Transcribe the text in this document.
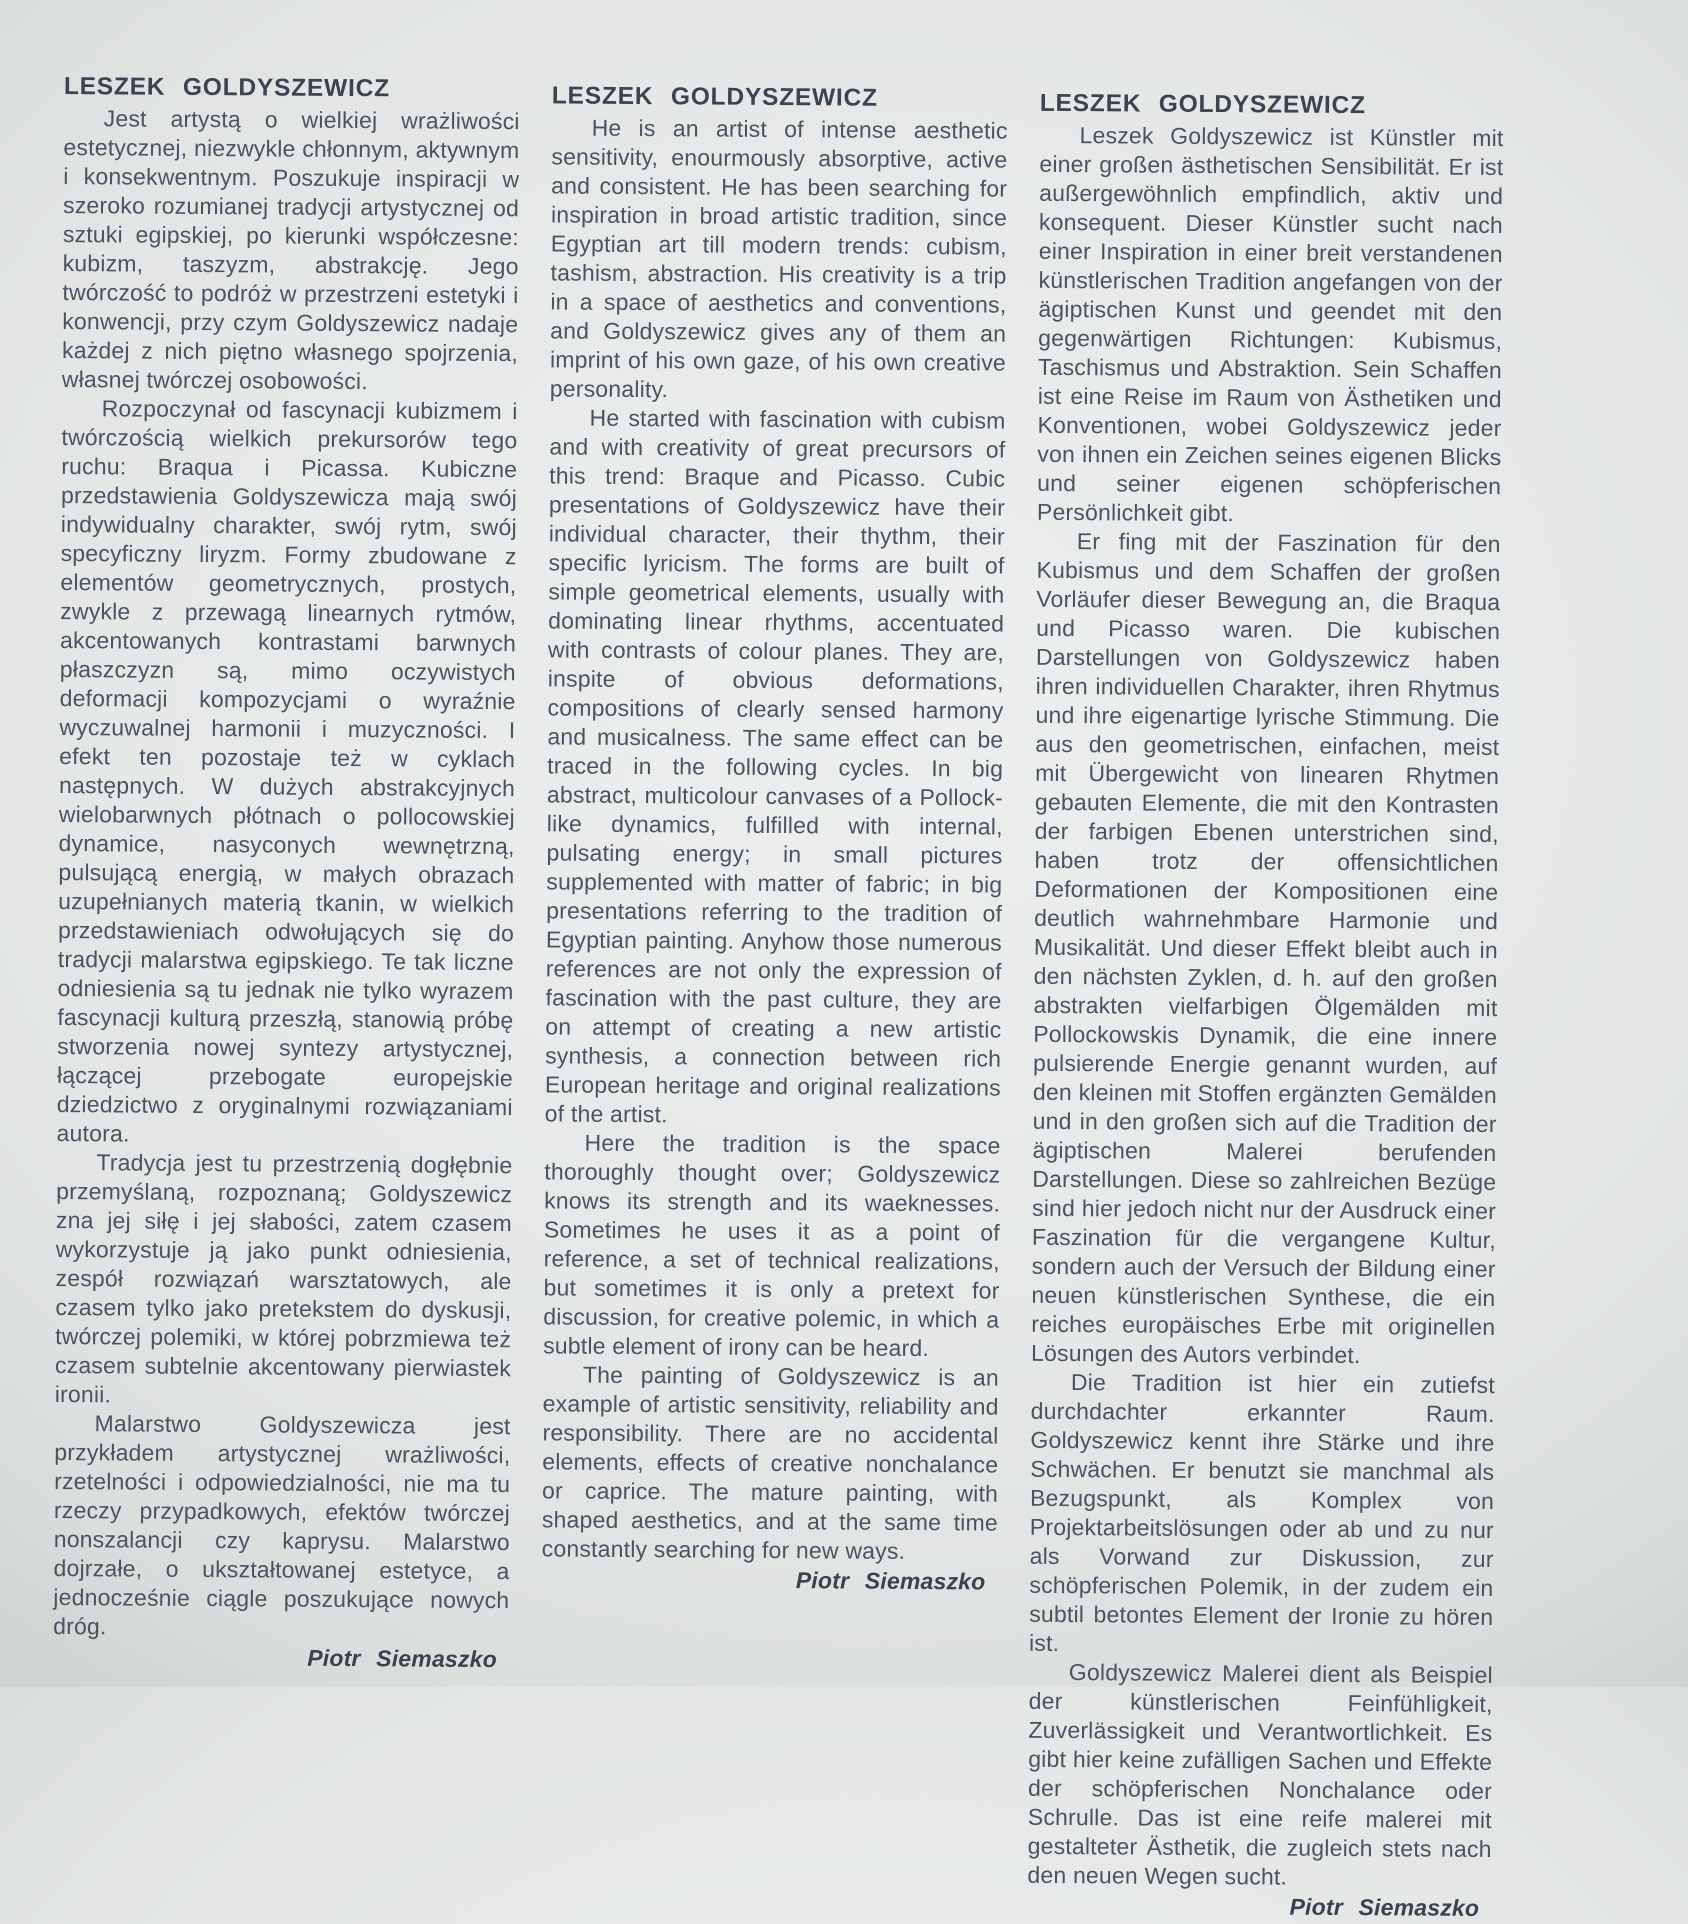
LESZEK GOLDYSZEWICZ

Jest artystą o wielkiej wrażliwości estetycznej, niezwykle chłonnym, aktywnym i konsekwentnym. Poszukuje inspiracji w szeroko rozumianej tradycji artystycznej od sztuki egipskiej, po kierunki współczesne: kubizm, taszyzm, abstrakcję. Jego twórczość to podróż w przestrzeni estetyki i konwencji, przy czym Goldyszewicz nadaje każdej z nich piętno własnego spojrzenia, własnej twórczej osobowości.

Rozpoczynał od fascynacji kubizmem i twórczością wielkich prekursorów tego ruchu: Braqua i Picassa. Kubiczne przedstawienia Goldyszewicza mają swój indywidualny charakter, swój rytm, swój specyficzny liryzm. Formy zbudowane z elementów geometrycznych, prostych, zwykle z przewagą linearnych rytmów, akcentowanych kontrastami barwnych płaszczyzn są, mimo oczywistych deformacji kompozycjami o wyraźnie wyczuwalnej harmonii i muzyczności. I efekt ten pozostaje też w cyklach następnych. W dużych abstrakcyjnych wielobarwnych płótnach o pollocowskiej dynamice, nasyconych wewnętrzną, pulsującą energią, w małych obrazach uzupełnianych materią tkanin, w wielkich przedstawieniach odwołujących się do tradycji malarstwa egipskiego. Te tak liczne odniesienia są tu jednak nie tylko wyrazem fascynacji kulturą przeszłą, stanowią próbę stworzenia nowej syntezy artystycznej, łączącej przebogate europejskie dziedzictwo z oryginalnymi rozwiązaniami autora.

Tradycja jest tu przestrzenią dogłębnie przemyślaną, rozpoznaną; Goldyszewicz zna jej siłę i jej słabości, zatem czasem wykorzystuje ją jako punkt odniesienia, zespół rozwiązań warsztatowych, ale czasem tylko jako pretekstem do dyskusji, twórczej polemiki, w której pobrzmiewa też czasem subtelnie akcentowany pierwiastek ironii.

Malarstwo Goldyszewicza jest przykładem artystycznej wrażliwości, rzetelności i odpowiedzialności, nie ma tu rzeczy przypadkowych, efektów twórczej nonszalancji czy kaprysu. Malarstwo dojrzałe, o ukształtowanej estetyce, a jednocześnie ciągle poszukujące nowych dróg.

Piotr Siemaszko
LESZEK GOLDYSZEWICZ

He is an artist of intense aesthetic sensitivity, enourmously absorptive, active and consistent. He has been searching for inspiration in broad artistic tradition, since Egyptian art till modern trends: cubism, tashism, abstraction. His creativity is a trip in a space of aesthetics and conventions, and Goldyszewicz gives any of them an imprint of his own gaze, of his own creative personality.

He started with fascination with cubism and with creativity of great precursors of this trend: Braque and Picasso. Cubic presentations of Goldyszewicz have their individual character, their thythm, their specific lyricism. The forms are built of simple geometrical elements, usually with dominating linear rhythms, accentuated with contrasts of colour planes. They are, inspite of obvious deformations, compositions of clearly sensed harmony and musicalness. The same effect can be traced in the following cycles. In big abstract, multicolour canvases of a Pollock-like dynamics, fulfilled with internal, pulsating energy; in small pictures supplemented with matter of fabric; in big presentations referring to the tradition of Egyptian painting. Anyhow those numerous references are not only the expression of fascination with the past culture, they are on attempt of creating a new artistic synthesis, a connection between rich European heritage and original realizations of the artist.

Here the tradition is the space thoroughly thought over; Goldyszewicz knows its strength and its waeknesses. Sometimes he uses it as a point of reference, a set of technical realizations, but sometimes it is only a pretext for discussion, for creative polemic, in which a subtle element of irony can be heard.

The painting of Goldyszewicz is an example of artistic sensitivity, reliability and responsibility. There are no accidental elements, effects of creative nonchalance or caprice. The mature painting, with shaped aesthetics, and at the same time constantly searching for new ways.

Piotr Siemaszko
LESZEK GOLDYSZEWICZ

Leszek Goldyszewicz ist Künstler mit einer großen ästhetischen Sensibilität. Er ist außergewöhnlich empfindlich, aktiv und konsequent. Dieser Künstler sucht nach einer Inspiration in einer breit verstandenen künstlerischen Tradition angefangen von der ägiptischen Kunst und geendet mit den gegenwärtigen Richtungen: Kubismus, Taschismus und Abstraktion. Sein Schaffen ist eine Reise im Raum von Ästhetiken und Konventionen, wobei Goldyszewicz jeder von ihnen ein Zeichen seines eigenen Blicks und seiner eigenen schöpferischen Persönlichkeit gibt.

Er fing mit der Faszination für den Kubismus und dem Schaffen der großen Vorläufer dieser Bewegung an, die Braqua und Picasso waren. Die kubischen Darstellungen von Goldyszewicz haben ihren individuellen Charakter, ihren Rhytmus und ihre eigenartige lyrische Stimmung. Die aus den geometrischen, einfachen, meist mit Übergewicht von linearen Rhytmen gebauten Elemente, die mit den Kontrasten der farbigen Ebenen unterstrichen sind, haben trotz der offensichtlichen Deformationen der Kompositionen eine deutlich wahrnehmbare Harmonie und Musikalität. Und dieser Effekt bleibt auch in den nächsten Zyklen, d. h. auf den großen abstrakten vielfarbigen Ölgemälden mit Pollockowskis Dynamik, die eine innere pulsierende Energie genannt wurden, auf den kleinen mit Stoffen ergänzten Gemälden und in den großen sich auf die Tradition der ägiptischen Malerei berufenden Darstellungen. Diese so zahlreichen Bezüge sind hier jedoch nicht nur der Ausdruck einer Faszination für die vergangene Kultur, sondern auch der Versuch der Bildung einer neuen künstlerischen Synthese, die ein reiches europäisches Erbe mit originellen Lösungen des Autors verbindet.

Die Tradition ist hier ein zutiefst durchdachter erkannter Raum. Goldyszewicz kennt ihre Stärke und ihre Schwächen. Er benutzt sie manchmal als Bezugspunkt, als Komplex von Projektarbeitslösungen oder ab und zu nur als Vorwand zur Diskussion, zur schöpferischen Polemik, in der zudem ein subtil betontes Element der Ironie zu hören ist.

Goldyszewicz Malerei dient als Beispiel der künstlerischen Feinfühligkeit, Zuverlässigkeit und Verantwortlichkeit. Es gibt hier keine zufälligen Sachen und Effekte der schöpferischen Nonchalance oder Schrulle. Das ist eine reife malerei mit gestalteter Ästhetik, die zugleich stets nach den neuen Wegen sucht.

Piotr Siemaszko
